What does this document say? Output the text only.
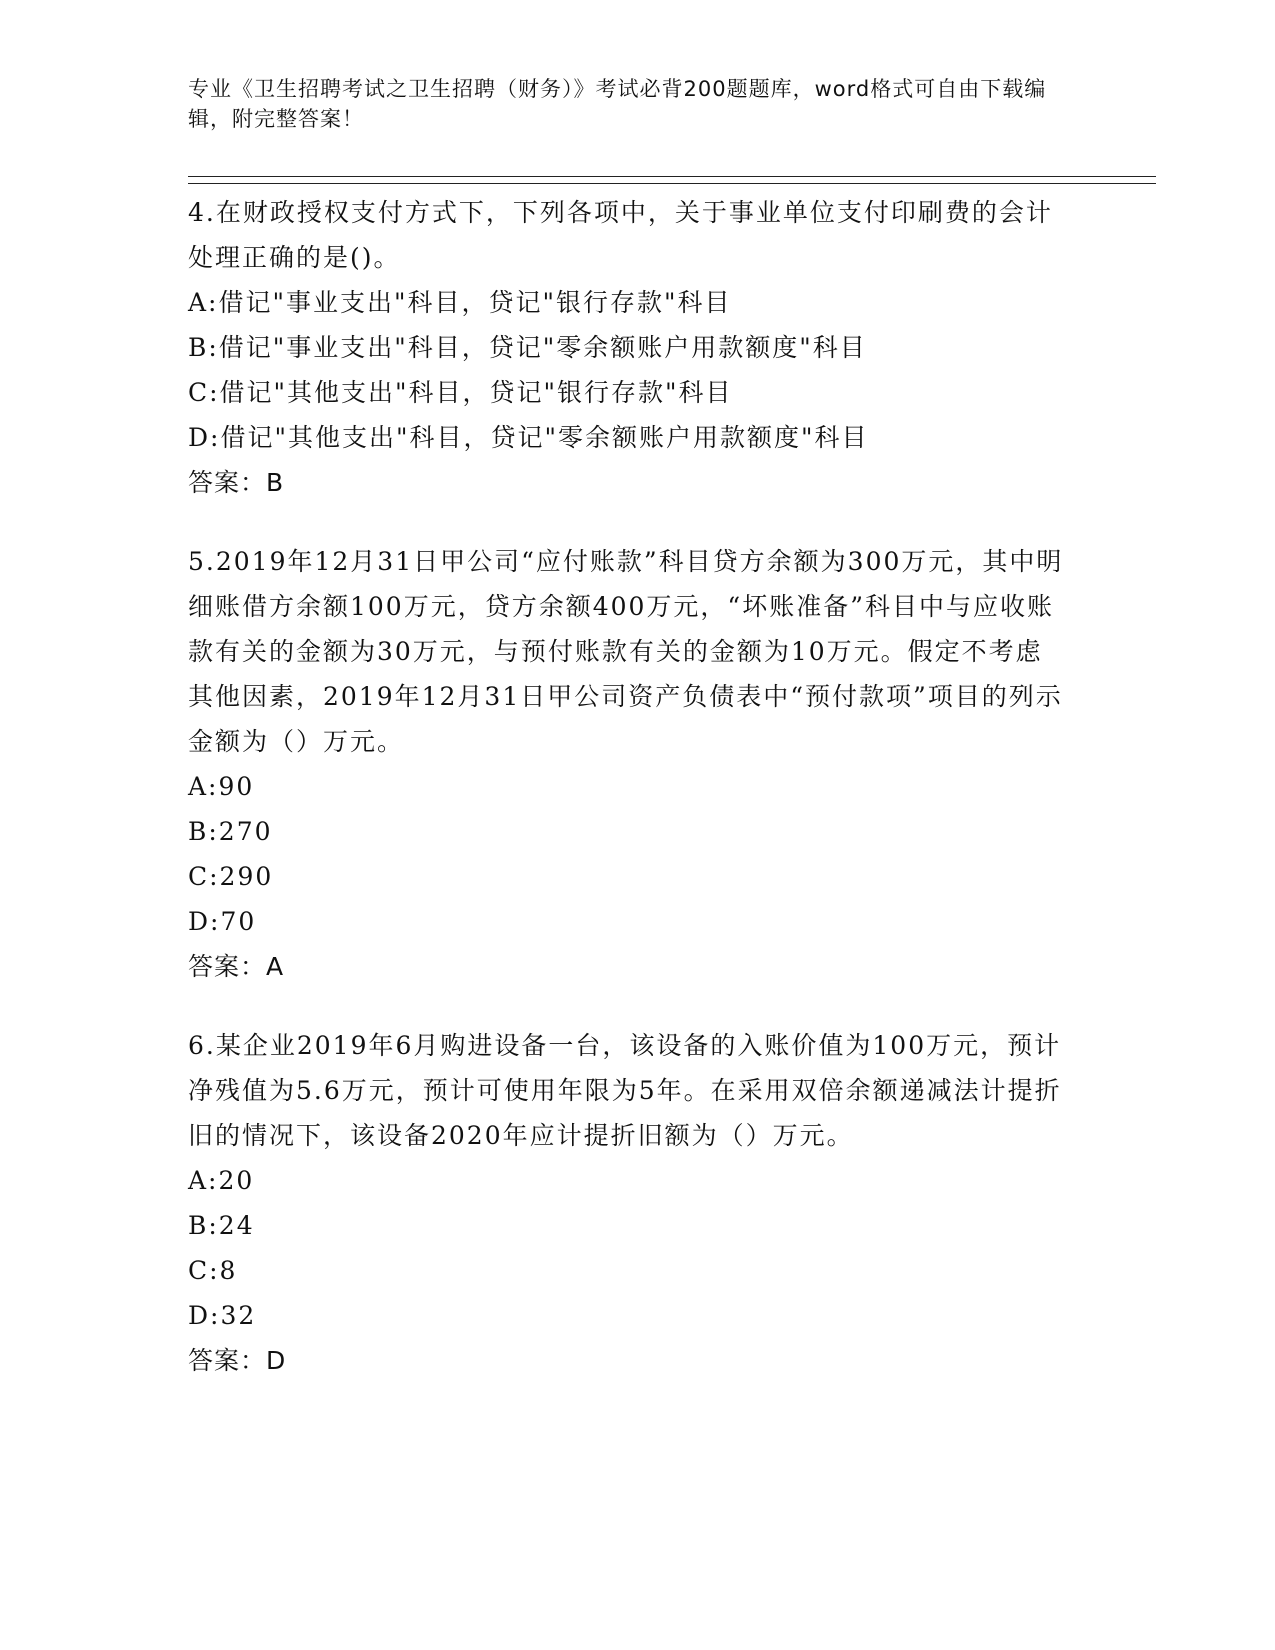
专业《卫生招聘考试之卫生招聘（财务）》考试必背200题题库，word格式可自由下载编辑，附完整答案！
4.在财政授权支付方式下，下列各项中，关于事业单位支付印刷费的会计处理正确的是()。
A:借记"事业支出"科目，贷记"银行存款"科目
B:借记"事业支出"科目，贷记"零余额账户用款额度"科目
C:借记"其他支出"科目，贷记"银行存款"科目
D:借记"其他支出"科目，贷记"零余额账户用款额度"科目
答案：B
5.2019年12月31日甲公司“应付账款”科目贷方余额为300万元，其中明细账借方余额100万元，贷方余额400万元，“坏账准备”科目中与应收账款有关的金额为30万元，与预付账款有关的金额为10万元。假定不考虑其他因素，2019年12月31日甲公司资产负债表中“预付款项”项目的列示金额为（）万元。
A:90
B:270
C:290
D:70
答案：A
6.某企业2019年6月购进设备一台，该设备的入账价值为100万元，预计净残值为5.6万元，预计可使用年限为5年。在采用双倍余额递减法计提折旧的情况下，该设备2020年应计提折旧额为（）万元。
A:20
B:24
C:8
D:32
答案：D
